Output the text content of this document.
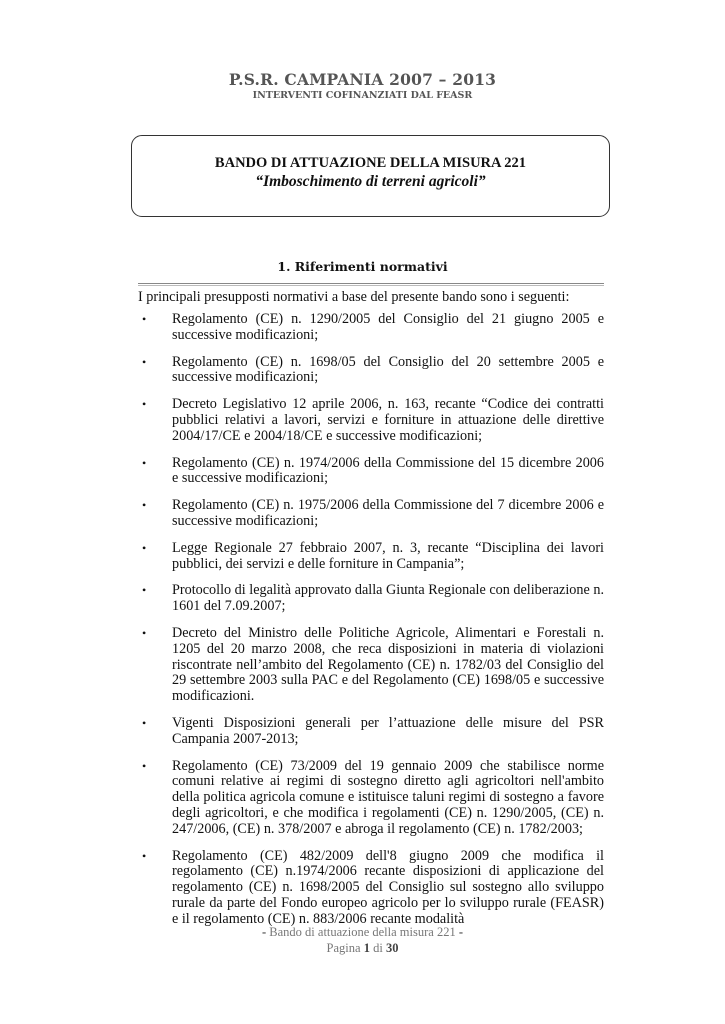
P.S.R. CAMPANIA 2007 – 2013
INTERVENTI COFINANZIATI DAL FEASR
BANDO DI ATTUAZIONE DELLA MISURA 221
“Imboschimento di terreni agricoli”
1. Riferimenti normativi
I principali presupposti normativi a base del presente bando sono i seguenti:
• Regolamento (CE) n. 1290/2005 del Consiglio del 21 giugno 2005 e successive modificazioni;
• Regolamento (CE) n. 1698/05 del Consiglio del 20 settembre 2005 e successive modificazioni;
• Decreto Legislativo 12 aprile 2006, n. 163, recante “Codice dei contratti pubblici relativi a lavori, servizi e forniture in attuazione delle direttive 2004/17/CE e 2004/18/CE e successive modificazioni;
• Regolamento (CE) n. 1974/2006 della Commissione del 15 dicembre 2006 e successive modificazioni;
• Regolamento (CE) n. 1975/2006 della Commissione del 7 dicembre 2006 e successive modificazioni;
• Legge Regionale 27 febbraio 2007, n. 3, recante “Disciplina dei lavori pubblici, dei servizi e delle forniture in Campania”;
• Protocollo di legalità approvato dalla Giunta Regionale con deliberazione n. 1601 del 7.09.2007;
• Decreto del Ministro delle Politiche Agricole, Alimentari e Forestali n. 1205 del 20 marzo 2008, che reca disposizioni in materia di violazioni riscontrate nell’ambito del Regolamento (CE) n. 1782/03 del Consiglio del 29 settembre 2003 sulla PAC e del Regolamento (CE) 1698/05 e successive modificazioni.
• Vigenti Disposizioni generali per l’attuazione delle misure del PSR Campania 2007-2013;
• Regolamento (CE) 73/2009 del 19 gennaio 2009 che stabilisce norme comuni relative ai regimi di sostegno diretto agli agricoltori nell'ambito della politica agricola comune e istituisce taluni regimi di sostegno a favore degli agricoltori, e che modifica i regolamenti (CE) n. 1290/2005, (CE) n. 247/2006, (CE) n. 378/2007 e abroga il regolamento (CE) n. 1782/2003;
• Regolamento (CE) 482/2009 dell'8 giugno 2009 che modifica il regolamento (CE) n.1974/2006 recante disposizioni di applicazione del regolamento (CE) n. 1698/2005 del Consiglio sul sostegno allo sviluppo rurale da parte del Fondo europeo agricolo per lo sviluppo rurale (FEASR) e il regolamento (CE) n. 883/2006 recante modalità
- Bando di attuazione della misura 221 -
Pagina 1 di 30
